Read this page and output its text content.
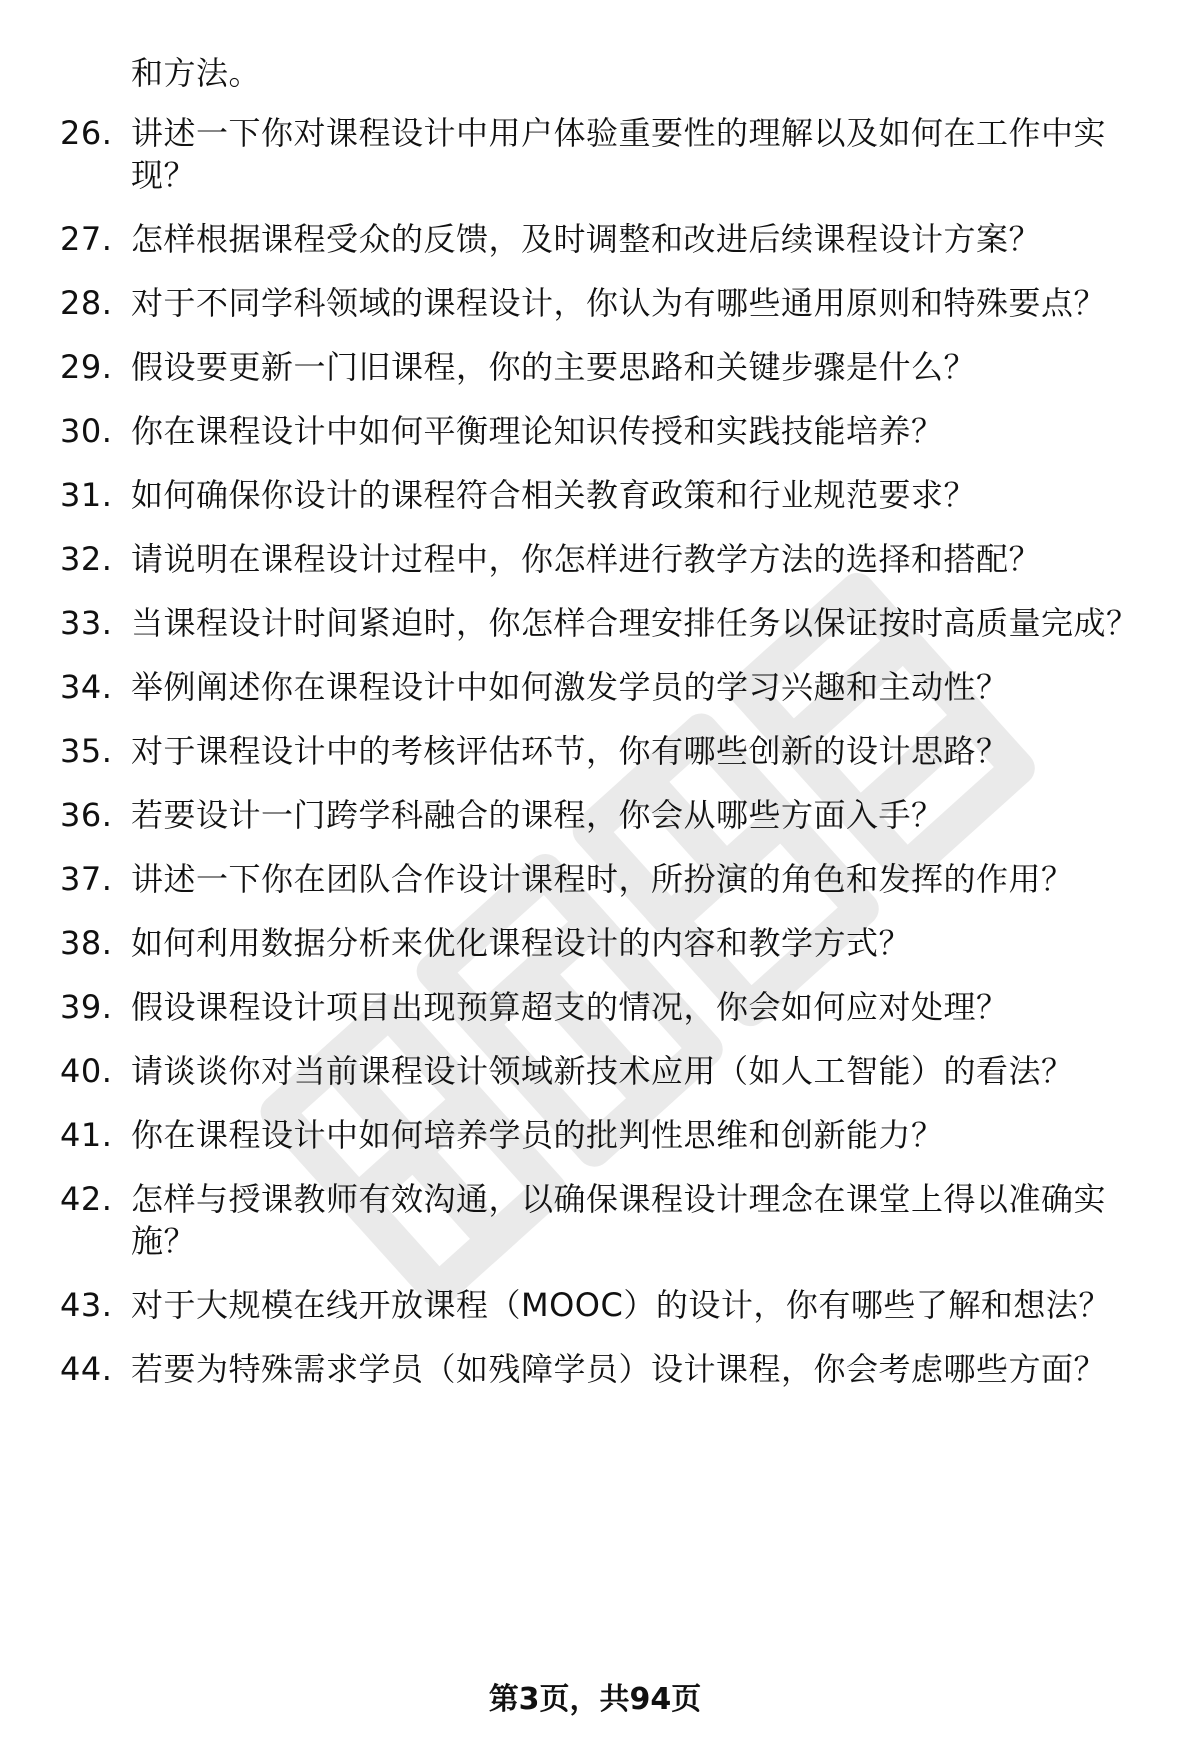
和方法。
26. 讲述一下你对课程设计中用户体验重要性的理解以及如何在工作中实现？
27. 怎样根据课程受众的反馈，及时调整和改进后续课程设计方案？
28. 对于不同学科领域的课程设计，你认为有哪些通用原则和特殊要点？
29. 假设要更新一门旧课程，你的主要思路和关键步骤是什么？
30. 你在课程设计中如何平衡理论知识传授和实践技能培养？
31. 如何确保你设计的课程符合相关教育政策和行业规范要求？
32. 请说明在课程设计过程中，你怎样进行教学方法的选择和搭配？
33. 当课程设计时间紧迫时，你怎样合理安排任务以保证按时高质量完成？
34. 举例阐述你在课程设计中如何激发学员的学习兴趣和主动性？
35. 对于课程设计中的考核评估环节，你有哪些创新的设计思路？
36. 若要设计一门跨学科融合的课程，你会从哪些方面入手？
37. 讲述一下你在团队合作设计课程时，所扮演的角色和发挥的作用？
38. 如何利用数据分析来优化课程设计的内容和教学方式？
39. 假设课程设计项目出现预算超支的情况，你会如何应对处理？
40. 请谈谈你对当前课程设计领域新技术应用（如人工智能）的看法？
41. 你在课程设计中如何培养学员的批判性思维和创新能力？
42. 怎样与授课教师有效沟通，以确保课程设计理念在课堂上得以准确实施？
43. 对于大规模在线开放课程（MOOC）的设计，你有哪些了解和想法？
44. 若要为特殊需求学员（如残障学员）设计课程，你会考虑哪些方面？
第3页，共94页
